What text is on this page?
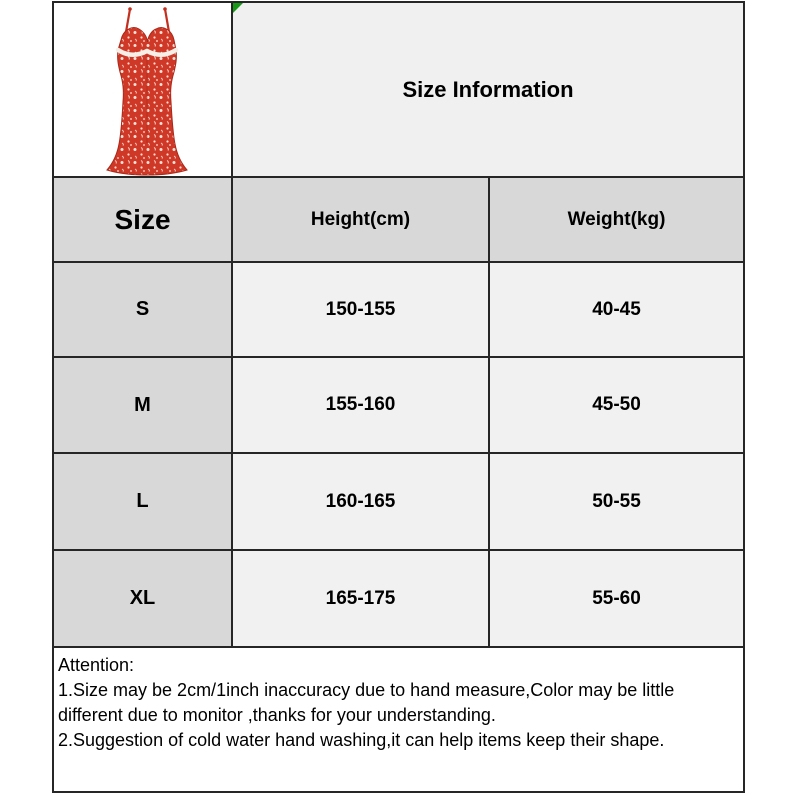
Size Information
Size	Height(cm)	Weight(kg)
S	150-155	40-45
M	155-160	45-50
L	160-165	50-55
XL	165-175	55-60
Attention:
1.Size may be 2cm/1inch inaccuracy due to hand measure,Color may be little
different due to monitor ,thanks for your understanding.
2.Suggestion of cold water hand washing,it can help items keep their shape.
